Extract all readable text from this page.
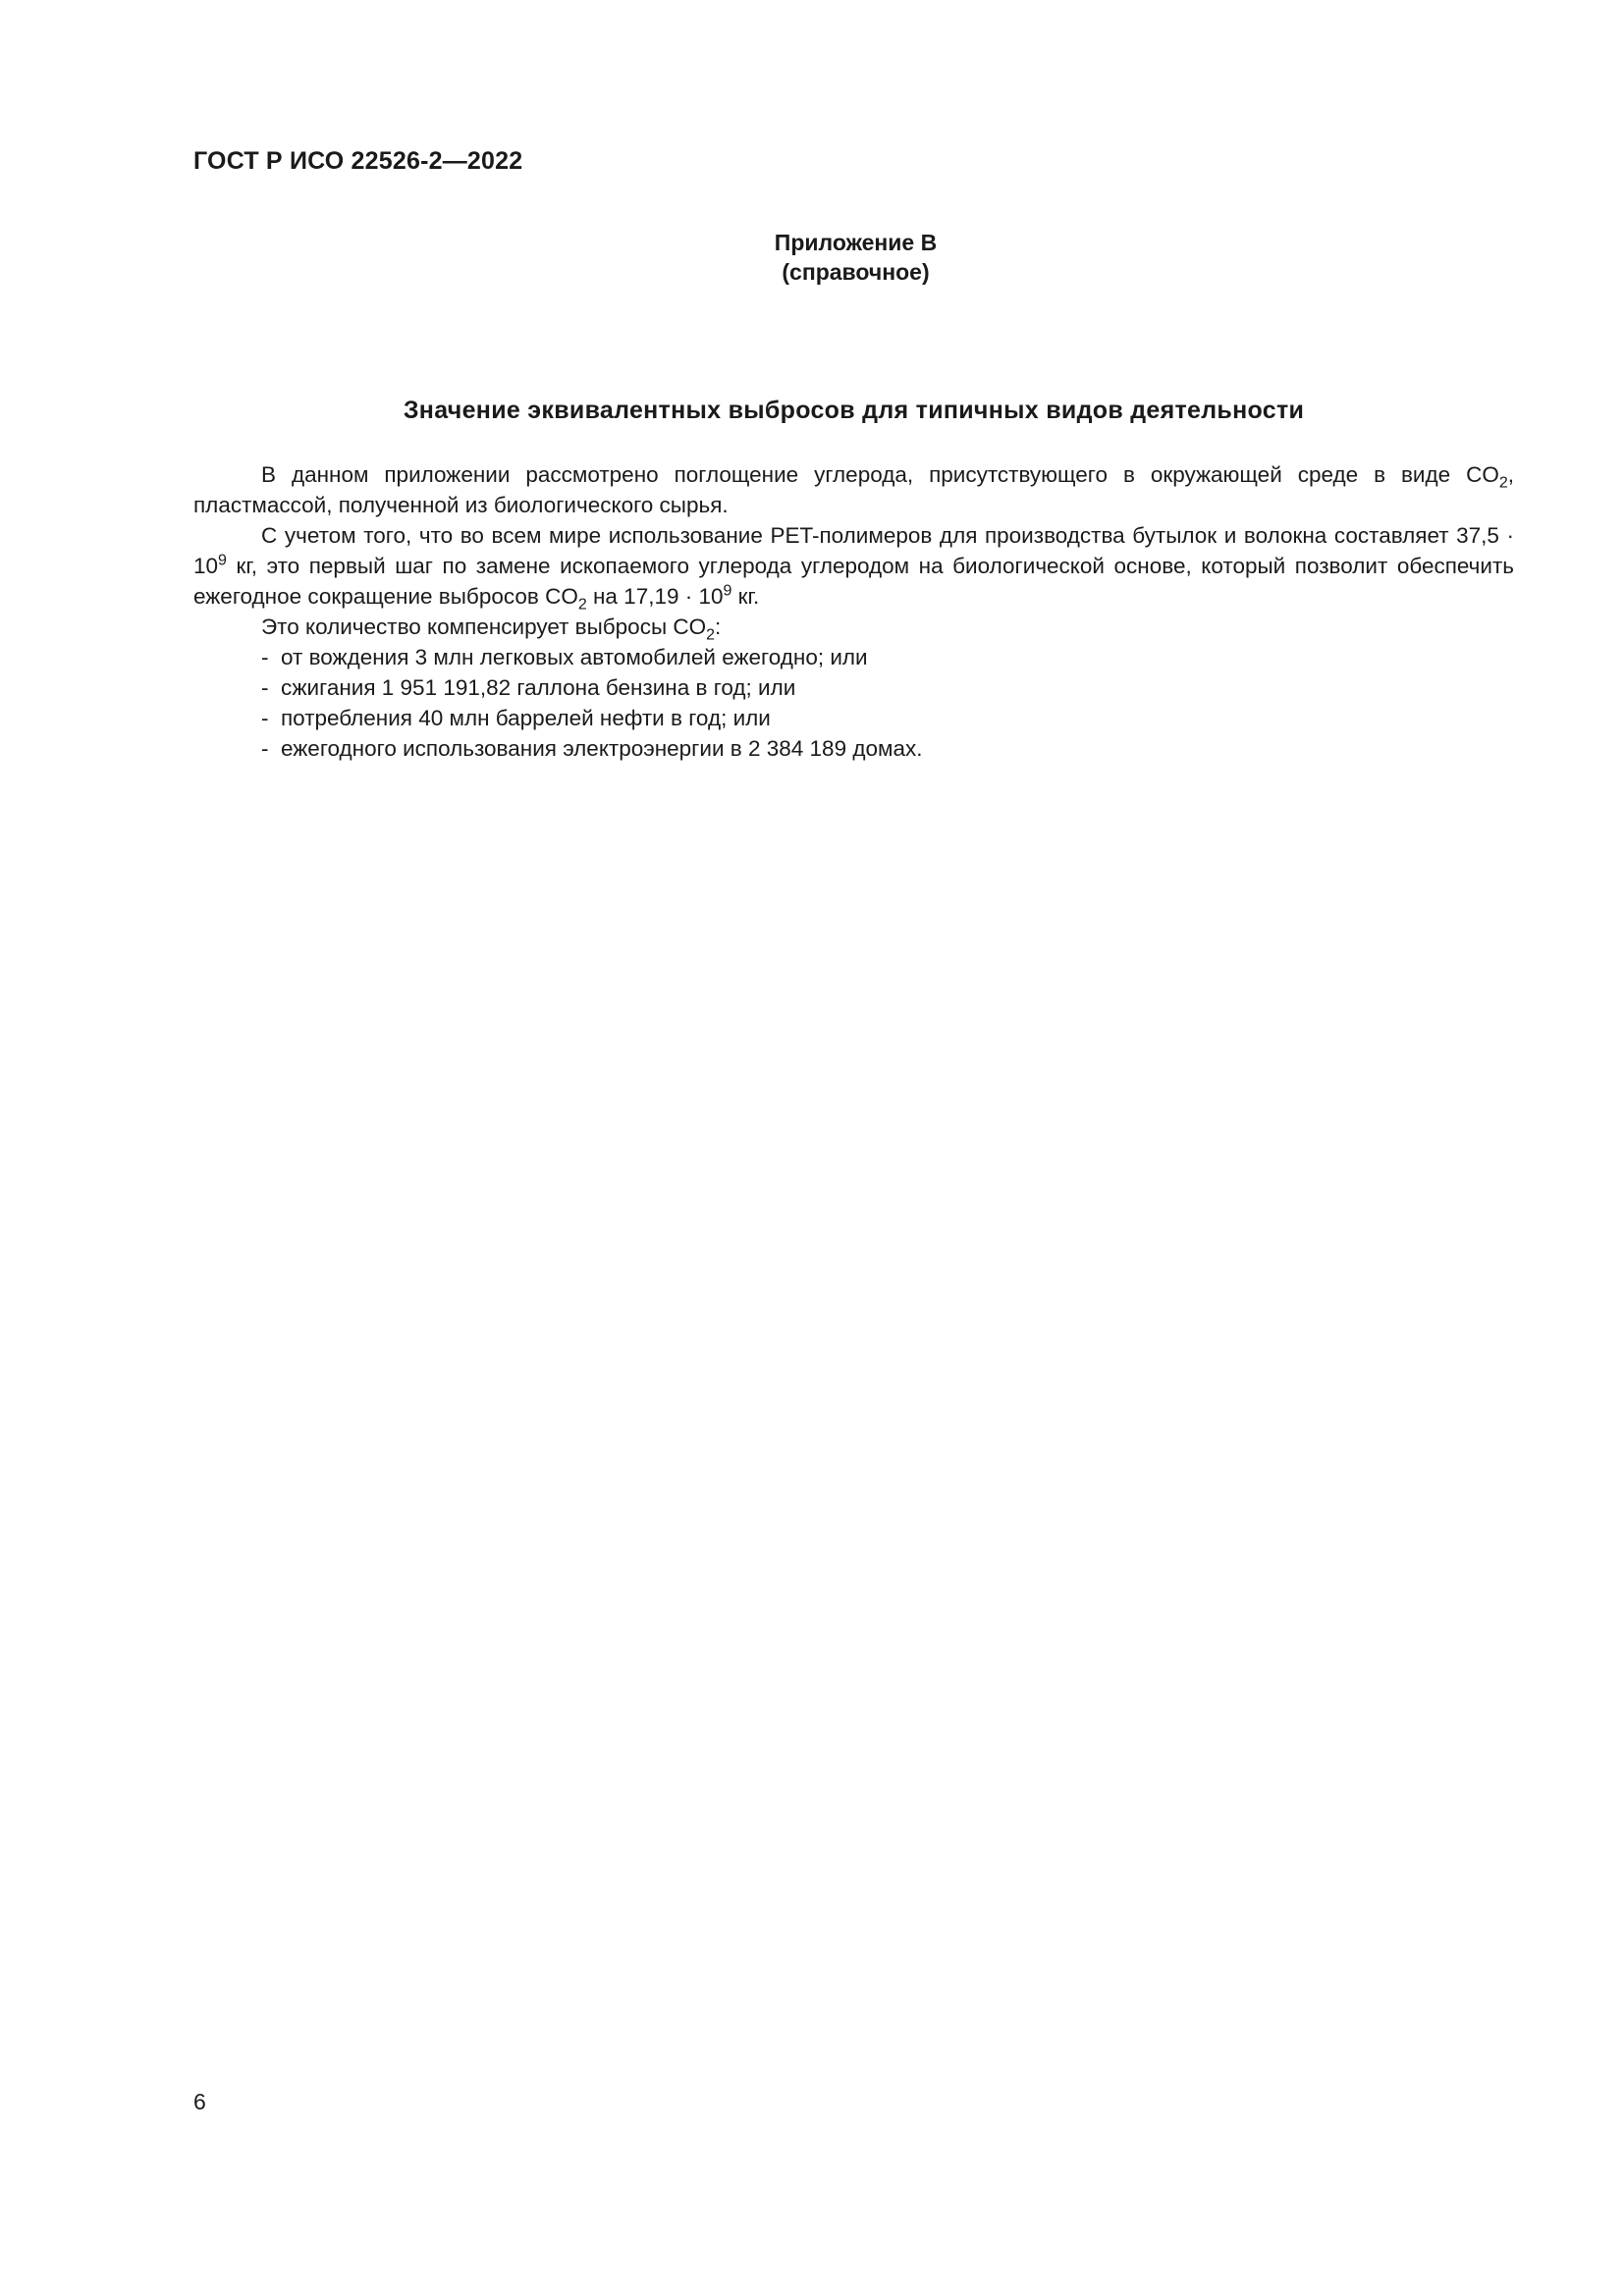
ГОСТ Р ИСО 22526-2—2022
Приложение В
(справочное)
Значение эквивалентных выбросов для типичных видов деятельности

В данном приложении рассмотрено поглощение углерода, присутствующего в окружающей среде в виде $CO_2$, пластмассой, полученной из биологического сырья.

С учетом того, что во всем мире использование PET-полимеров для производства бутылок и волокна составляет $37,5 \cdot 10^9$ кг, это первый шаг по замене ископаемого углерода углеродом на биологической основе, который позволит обеспечить ежегодное сокращение выбросов $CO_2$ на $17,19 \cdot 10^9$ кг.

Это количество компенсирует выбросы $CO_2$:

- от вождения 3 млн легковых автомобилей ежегодно; или
- сжигания 1 951 191,82 галлона бензина в год; или
- потребления 40 млн баррелей нефти в год; или
- ежегодного использования электроэнергии в 2 384 189 домах.
6
